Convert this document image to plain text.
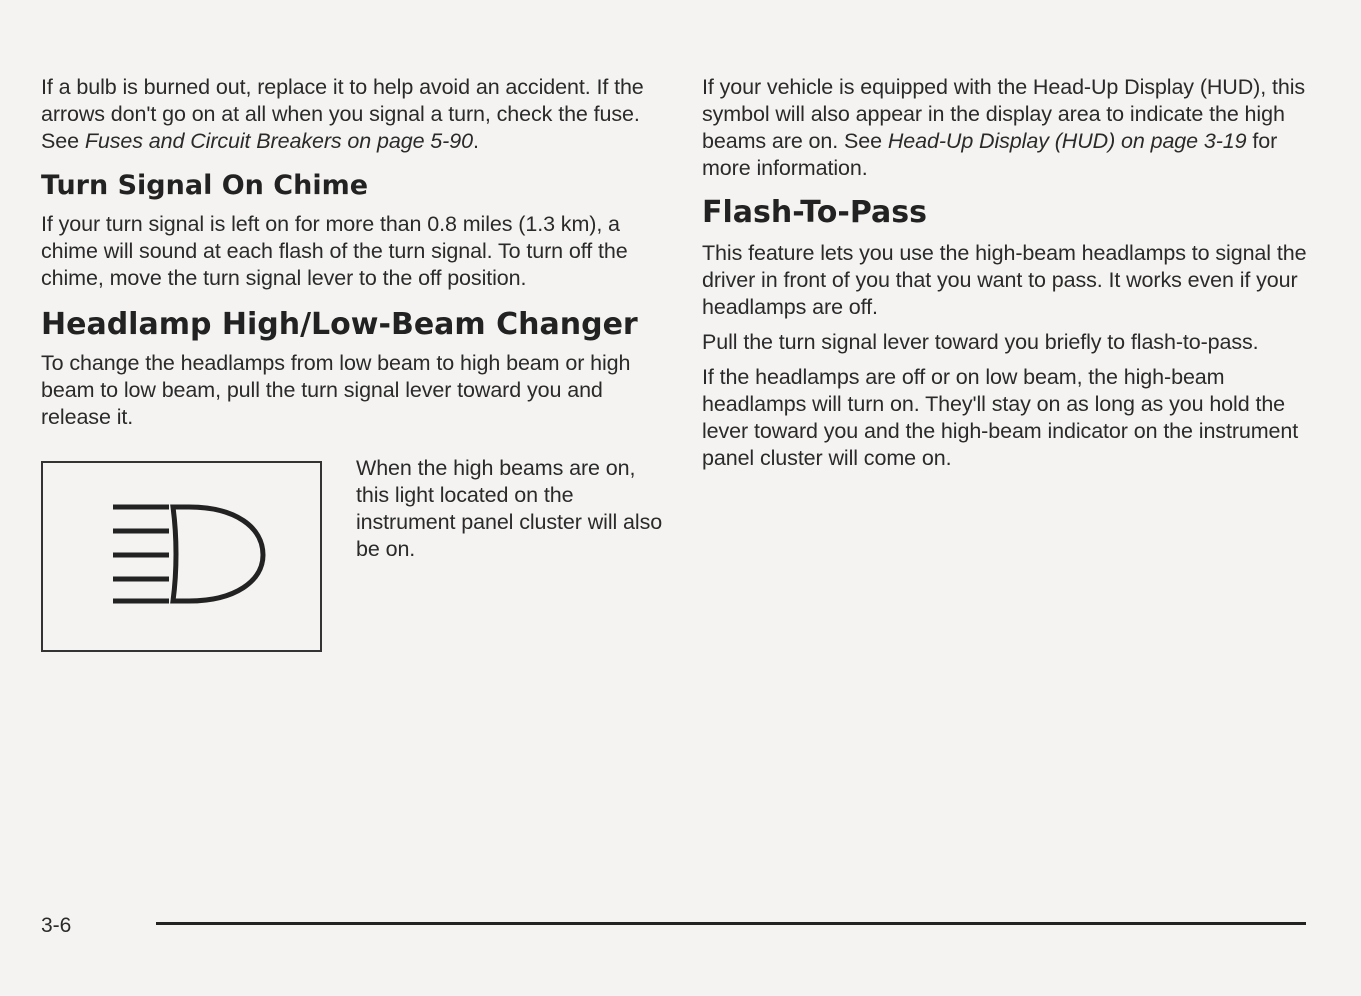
If a bulb is burned out, replace it to help avoid an accident. If the arrows don't go on at all when you signal a turn, check the fuse. See Fuses and Circuit Breakers on page 5-90.

Turn Signal On Chime

If your turn signal is left on for more than 0.8 miles (1.3 km), a chime will sound at each flash of the turn signal. To turn off the chime, move the turn signal lever to the off position.

Headlamp High/Low-Beam Changer

To change the headlamps from low beam to high beam or high beam to low beam, pull the turn signal lever toward you and release it.

When the high beams are on, this light located on the instrument panel cluster will also be on.

If your vehicle is equipped with the Head-Up Display (HUD), this symbol will also appear in the display area to indicate the high beams are on. See Head-Up Display (HUD) on page 3-19 for more information.

Flash-To-Pass

This feature lets you use the high-beam headlamps to signal the driver in front of you that you want to pass. It works even if your headlamps are off.

Pull the turn signal lever toward you briefly to flash-to-pass.

If the headlamps are off or on low beam, the high-beam headlamps will turn on. They'll stay on as long as you hold the lever toward you and the high-beam indicator on the instrument panel cluster will come on.

3-6
